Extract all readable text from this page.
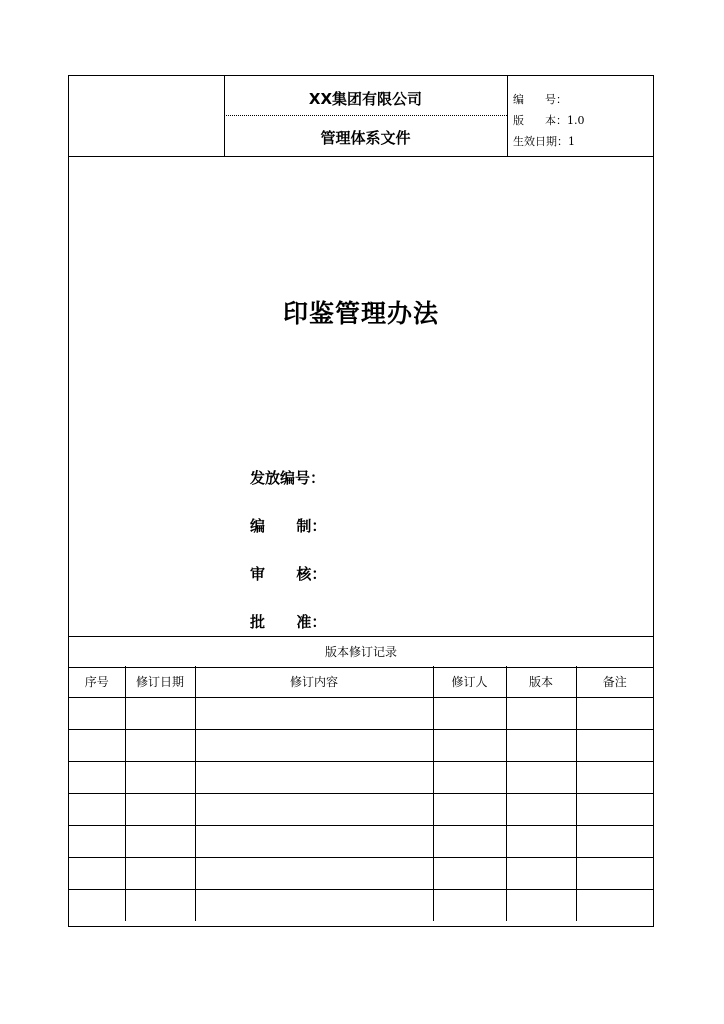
XX集团有限公司
管理体系文件
编      号：
版      本：1.0
生效日期：1
印鉴管理办法
发放编号：
编      制：
审      核：
批      准：
版本修订记录
序号	修订日期	修订内容	修订人	版本	备注
